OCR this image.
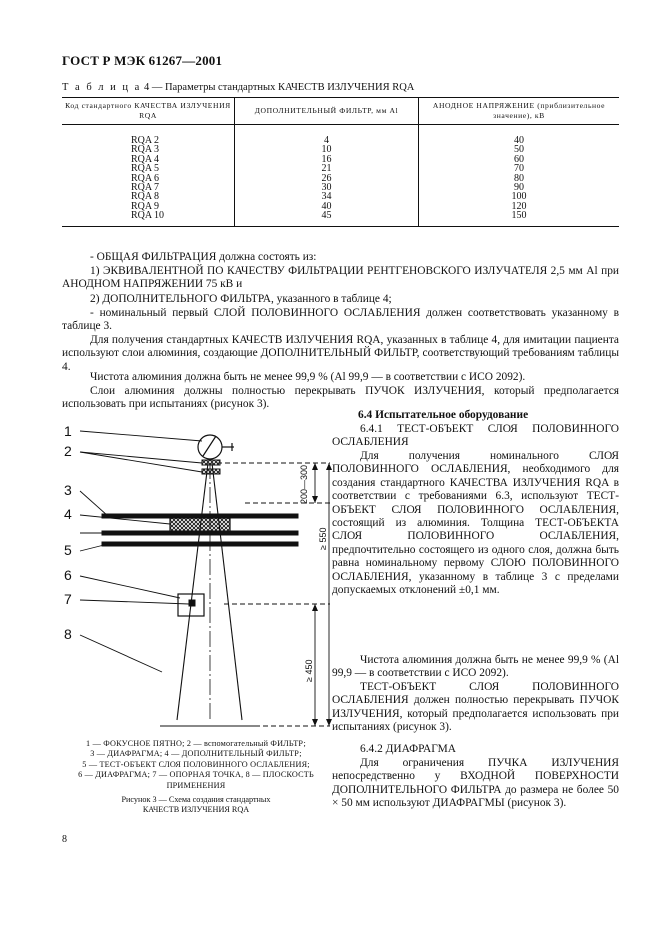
ГОСТ Р МЭК 61267—2001
Т а б л и ц а 4 — Параметры стандартных КАЧЕСТВ ИЗЛУЧЕНИЯ RQA
Код стандартного КАЧЕСТВА ИЗЛУЧЕНИЯ RQA	ДОПОЛНИТЕЛЬНЫЙ ФИЛЬТР, мм Al	АНОДНОЕ НАПРЯЖЕНИЕ (приблизительное значение), кВ
RQA 2	4	40
RQA 3	10	50
RQA 4	16	60
RQA 5	21	70
RQA 6	26	80
RQA 7	30	90
RQA 8	34	100
RQA 9	40	120
RQA 10	45	150
- ОБЩАЯ ФИЛЬТРАЦИЯ должна состоять из:
1) ЭКВИВАЛЕНТНОЙ ПО КАЧЕСТВУ ФИЛЬТРАЦИИ РЕНТГЕНОВСКОГО ИЗЛУЧАТЕЛЯ 2,5 мм Al при АНОДНОМ НАПРЯЖЕНИИ 75 кВ и
2) ДОПОЛНИТЕЛЬНОГО ФИЛЬТРА, указанного в таблице 4;
- номинальный первый СЛОЙ ПОЛОВИННОГО ОСЛАБЛЕНИЯ должен соответствовать указанному в таблице 3.
Для получения стандартных КАЧЕСТВ ИЗЛУЧЕНИЯ RQA, указанных в таблице 4, для имитации пациента используют слои алюминия, создающие ДОПОЛНИТЕЛЬНЫЙ ФИЛЬТР, соответствующий требованиям таблицы 4.
Чистота алюминия должна быть не менее 99,9 % (Al 99,9 — в соответствии с ИСО 2092).
Слои алюминия должны полностью перекрывать ПУЧОК ИЗЛУЧЕНИЯ, который предполагается использовать при испытаниях (рисунок 3).
1
2
3
4
5
6
7
8
200—300
≥ 550
≥ 450
1 — ФОКУСНОЕ ПЯТНО; 2 — вспомогательный ФИЛЬТР;
3 — ДИАФРАГМА; 4 — ДОПОЛНИТЕЛЬНЫЙ ФИЛЬТР;
5 — ТЕСТ-ОБЪЕКТ СЛОЯ ПОЛОВИННОГО ОСЛАБЛЕНИЯ;
6 — ДИАФРАГМА; 7 — ОПОРНАЯ ТОЧКА, 8 — ПЛОСКОСТЬ ПРИМЕНЕНИЯ
Рисунок 3 — Схема создания стандартных
КАЧЕСТВ ИЗЛУЧЕНИЯ RQA
6.4 Испытательное оборудование
6.4.1 ТЕСТ-ОБЪЕКТ СЛОЯ ПОЛОВИННОГО ОСЛАБЛЕНИЯ
Для получения номинального СЛОЯ ПОЛОВИННОГО ОСЛАБЛЕНИЯ, необходимого для создания стандартного КАЧЕСТВА ИЗЛУЧЕНИЯ RQA в соответствии с требованиями 6.3, используют ТЕСТ-ОБЪЕКТ СЛОЯ ПОЛОВИННОГО ОСЛАБЛЕНИЯ, состоящий из алюминия. Толщина ТЕСТ-ОБЪЕКТА СЛОЯ ПОЛОВИННОГО ОСЛАБЛЕНИЯ, предпочтительно состоящего из одного слоя, должна быть равна номинальному первому СЛОЮ ПОЛОВИННОГО ОСЛАБЛЕНИЯ, указанному в таблице 3 с пределами допускаемых отклонений ±0,1 мм.
Чистота алюминия должна быть не менее 99,9 % (Al 99,9 — в соответствии с ИСО 2092).
ТЕСТ-ОБЪЕКТ СЛОЯ ПОЛОВИННОГО ОСЛАБЛЕНИЯ должен полностью перекрывать ПУЧОК ИЗЛУЧЕНИЯ, который предполагается использовать при испытаниях (рисунок 3).
6.4.2 ДИАФРАГМА
Для ограничения ПУЧКА ИЗЛУЧЕНИЯ непосредственно у ВХОДНОЙ ПОВЕРХНОСТИ ДОПОЛНИТЕЛЬНОГО ФИЛЬТРА до размера не более 50 × 50 мм используют ДИАФРАГМЫ (рисунок 3).
8
